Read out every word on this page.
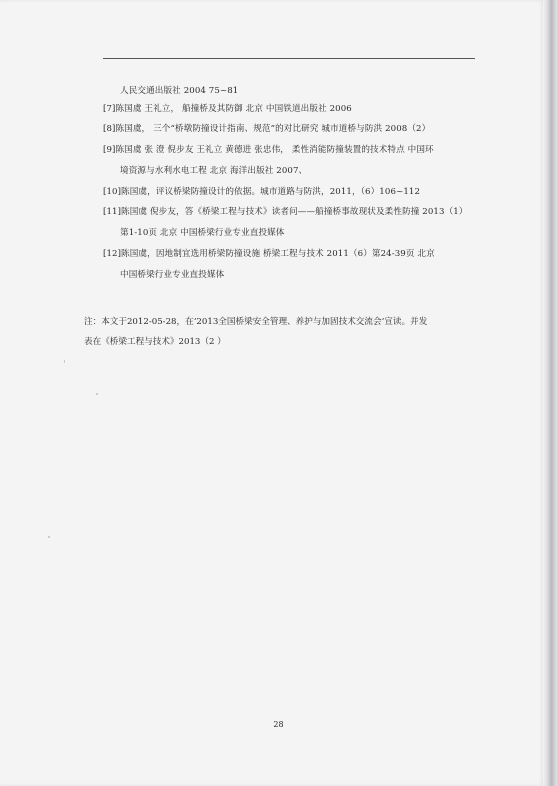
人民交通出版社 2004 75~81
[7]陈国虞 王礼立， 船撞桥及其防御 北京 中国铁道出版社 2006
[8]陈国虞， 三个“桥墩防撞设计指南、规范”的对比研究 城市道桥与防洪 2008（2）
[9]陈国虞 张 澄 倪步友 王礼立 黄德进 张忠伟， 柔性消能防撞装置的技术特点 中国环
境资源与水利水电工程 北京 海洋出版社 2007、
[10]陈国虞，评议桥梁防撞设计的依据。城市道路与防洪，2011，（6）106~112
[11]陈国虞 倪步友，答《桥梁工程与技术》读者问——船撞桥事故现状及柔性防撞 2013（1）
第1-10页 北京 中国桥梁行业专业直投媒体
[12]陈国虞，因地制宜选用桥梁防撞设施 桥梁工程与技术 2011（6）第24-39页 北京
中国桥梁行业专业直投媒体
注：本文于2012-05-28，在‘2013全国桥梁安全管理、养护与加固技术交流会’宣读。并发
表在《桥梁工程与技术》2013（2 ）
28
